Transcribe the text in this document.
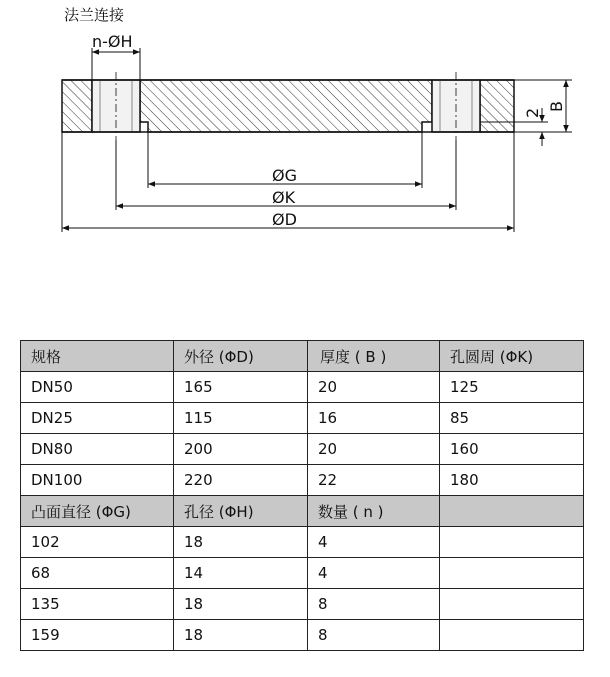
法兰连接
n-ØH
ØG
ØK
ØD
B
2
规格	外径 (ΦD)	厚度 ( B )	孔圆周 (ΦK)
DN50	165	20	125
DN25	115	16	85
DN80	200	20	160
DN100	220	22	180
凸面直径 (ΦG)	孔径 (ΦH)	数量 ( n )	
102	18	4	
68	14	4	
135	18	8	
159	18	8	
